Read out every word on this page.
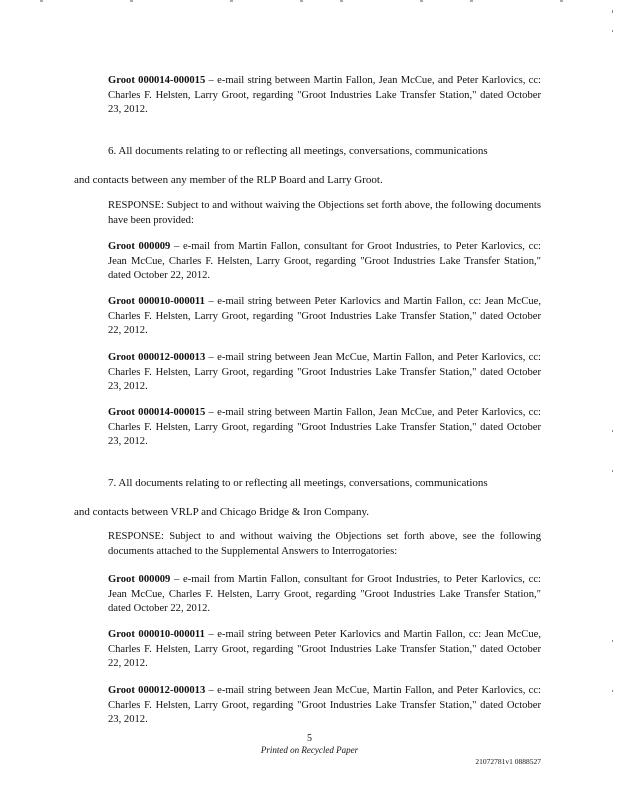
Groot 000014-000015 – e-mail string between Martin Fallon, Jean McCue, and Peter Karlovics, cc: Charles F. Helsten, Larry Groot, regarding "Groot Industries Lake Transfer Station," dated October 23, 2012.
6. All documents relating to or reflecting all meetings, conversations, communications
and contacts between any member of the RLP Board and Larry Groot.
RESPONSE: Subject to and without waiving the Objections set forth above, the following documents have been provided:
Groot 000009 – e-mail from Martin Fallon, consultant for Groot Industries, to Peter Karlovics, cc: Jean McCue, Charles F. Helsten, Larry Groot, regarding "Groot Industries Lake Transfer Station," dated October 22, 2012.
Groot 000010-000011 – e-mail string between Peter Karlovics and Martin Fallon, cc: Jean McCue, Charles F. Helsten, Larry Groot, regarding "Groot Industries Lake Transfer Station," dated October 22, 2012.
Groot 000012-000013 – e-mail string between Jean McCue, Martin Fallon, and Peter Karlovics, cc: Charles F. Helsten, Larry Groot, regarding "Groot Industries Lake Transfer Station," dated October 23, 2012.
Groot 000014-000015 – e-mail string between Martin Fallon, Jean McCue, and Peter Karlovics, cc: Charles F. Helsten, Larry Groot, regarding "Groot Industries Lake Transfer Station," dated October 23, 2012.
7. All documents relating to or reflecting all meetings, conversations, communications
and contacts between VRLP and Chicago Bridge & Iron Company.
RESPONSE: Subject to and without waiving the Objections set forth above, see the following documents attached to the Supplemental Answers to Interrogatories:
Groot 000009 – e-mail from Martin Fallon, consultant for Groot Industries, to Peter Karlovics, cc: Jean McCue, Charles F. Helsten, Larry Groot, regarding "Groot Industries Lake Transfer Station," dated October 22, 2012.
Groot 000010-000011 – e-mail string between Peter Karlovics and Martin Fallon, cc: Jean McCue, Charles F. Helsten, Larry Groot, regarding "Groot Industries Lake Transfer Station," dated October 22, 2012.
Groot 000012-000013 – e-mail string between Jean McCue, Martin Fallon, and Peter Karlovics, cc: Charles F. Helsten, Larry Groot, regarding "Groot Industries Lake Transfer Station," dated October 23, 2012.
5
Printed on Recycled Paper
21072781v1 0888527
